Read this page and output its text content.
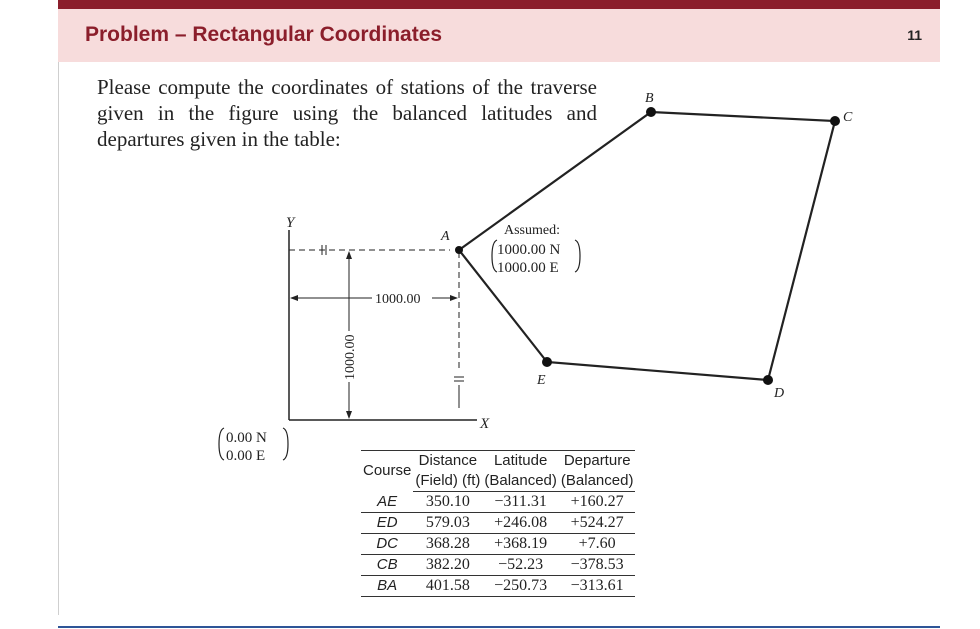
Problem – Rectangular Coordinates	11
Please compute the coordinates of stations of the traverse given in the figure using the balanced latitudes and departures given in the table:
Y
X
A
B
C
D
E
Assumed:
1000.00 N
1000.00 E
0.00 N
0.00 E
1000.00
1000.00
Course	Distance	Latitude	Departure
	(Field) (ft)	(Balanced)	(Balanced)
AE	350.10	−311.31	+160.27
ED	579.03	+246.08	+524.27
DC	368.28	+368.19	+7.60
CB	382.20	−52.23	−378.53
BA	401.58	−250.73	−313.61
